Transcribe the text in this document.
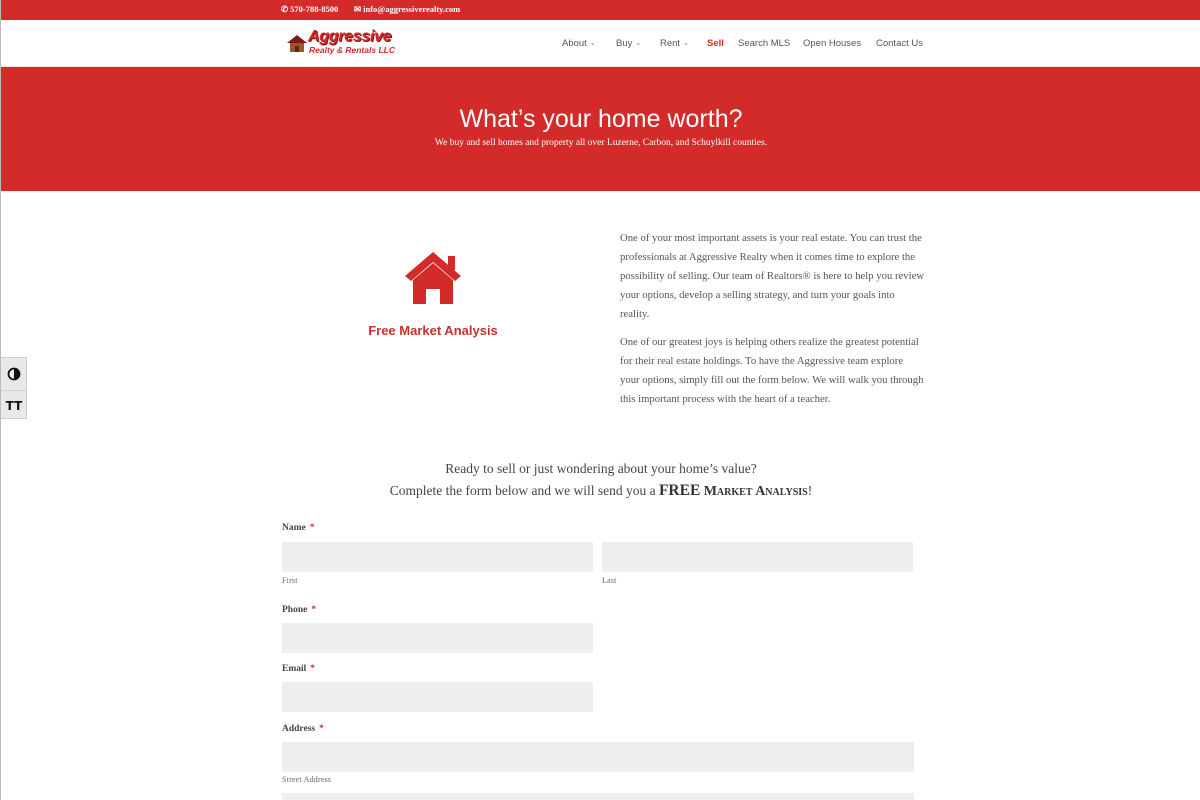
✆ 570-788-8500 ✉ info@aggressiverealty.com
Aggressive
Realty & Rentals LLC
About ⌄ Buy ⌄ Rent ⌄ Sell Search MLS Open Houses Contact Us
What’s your home worth?

We buy and sell homes and property all over Luzerne, Carbon, and Schuylkill counties.

Free Market Analysis

One of your most important assets is your real estate. You can trust the professionals at Aggressive Realty when it comes time to explore the possibility of selling. Our team of Realtors® is here to help you review your options, develop a selling strategy, and turn your goals into reality.

One of our greatest joys is helping others realize the greatest potential for their real estate holdings. To have the Aggressive team explore your options, simply fill out the form below. We will walk you through this important process with the heart of a teacher.

TT
Ready to sell or just wondering about your home’s value?
Complete the form below and we will send you a FREE Market Analysis!
Name *
First	Last
Phone *
Email *
Address *
Street Address
